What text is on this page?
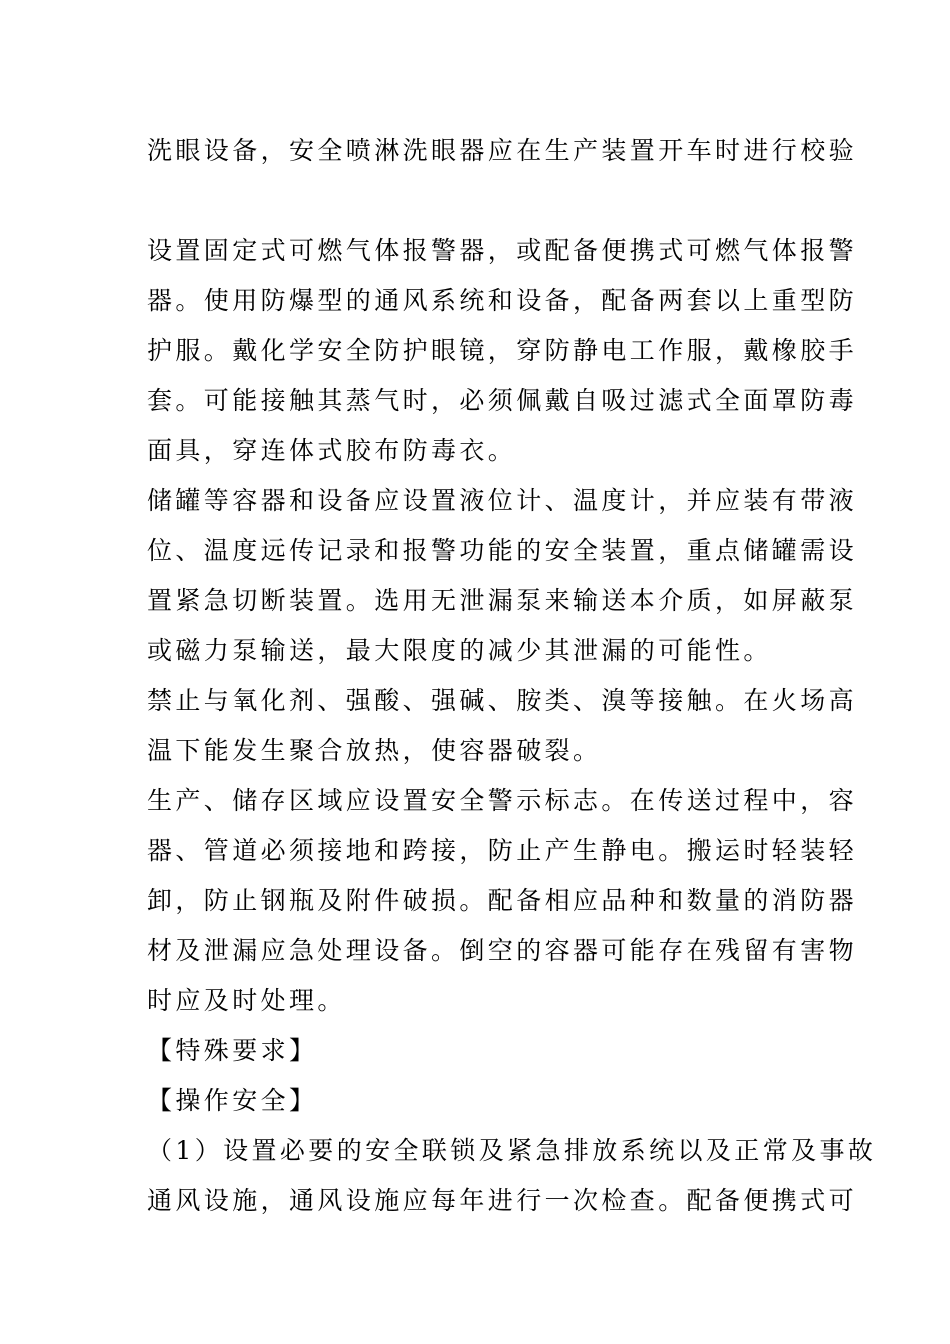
洗眼设备，安全喷淋洗眼器应在生产装置开车时进行校验
设置固定式可燃气体报警器，或配备便携式可燃气体报警
器。使用防爆型的通风系统和设备，配备两套以上重型防
护服。戴化学安全防护眼镜，穿防静电工作服，戴橡胶手
套。可能接触其蒸气时，必须佩戴自吸过滤式全面罩防毒
面具，穿连体式胶布防毒衣。
储罐等容器和设备应设置液位计、温度计，并应装有带液
位、温度远传记录和报警功能的安全装置，重点储罐需设
置紧急切断装置。选用无泄漏泵来输送本介质，如屏蔽泵
或磁力泵输送，最大限度的减少其泄漏的可能性。
禁止与氧化剂、强酸、强碱、胺类、溴等接触。在火场高
温下能发生聚合放热，使容器破裂。
生产、储存区域应设置安全警示标志。在传送过程中，容
器、管道必须接地和跨接，防止产生静电。搬运时轻装轻
卸，防止钢瓶及附件破损。配备相应品种和数量的消防器
材及泄漏应急处理设备。倒空的容器可能存在残留有害物
时应及时处理。
【特殊要求】
【操作安全】
（1）设置必要的安全联锁及紧急排放系统以及正常及事故
通风设施，通风设施应每年进行一次检查。配备便携式可
